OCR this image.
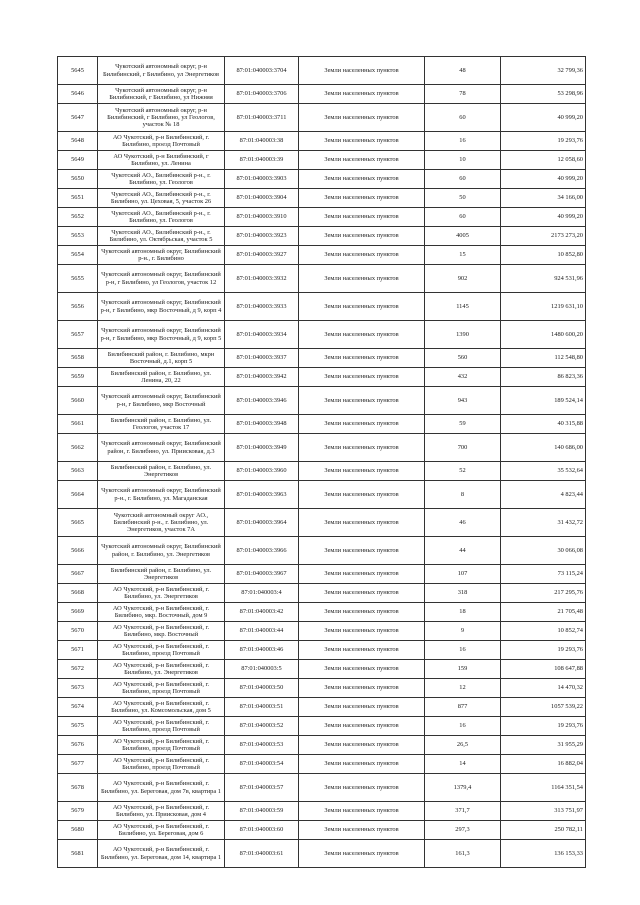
5645	Чукотский автономный округ, р-н Билибинский, г Билибино, ул Энергетиков	87:01:040003:3704	Земли населенных пунктов	48	32 799,36
5646	Чукотский автономный округ, р-н Билибинский, г Билибино, ул Нижняя	87:01:040003:3706	Земли населенных пунктов	78	53 298,96
5647	Чукотский автономный округ, р-н Билибинский, г Билибино, ул Геологов, участок № 18	87:01:040003:3711	Земли населенных пунктов	60	40 999,20
5648	АО Чукотский, р-н Билибинский, г. Билибино, проезд Почтовый	87:01:040003:38	Земли населенных пунктов	16	19 293,76
5649	АО Чукотский, р-н Билибинский, г Билибино, ул. Ленина	87:01:040003:39	Земли населенных пунктов	10	12 058,60
5650	Чукотский АО., Билибинский р-н., г. Билибино, ул. Геологов	87:01:040003:3903	Земли населенных пунктов	60	40 999,20
5651	Чукотский АО., Билибинский р-н., г. Билибино, ул. Цеховая, 5, участок 26	87:01:040003:3904	Земли населенных пунктов	50	34 166,00
5652	Чукотский АО., Билибинский р-н., г. Билибино, ул. Геологов	87:01:040003:3910	Земли населенных пунктов	60	40 999,20
5653	Чукотский АО., Билибинский р-н., г. Билибино, ул. Октябрьская, участок 5	87:01:040003:3923	Земли населенных пунктов	4005	2173 273,20
5654	Чукотский автономный округ, Билибинский р-н., г. Билибино	87:01:040003:3927	Земли населенных пунктов	15	10 852,80
5655	Чукотский автономный округ, Билибинский р-н, г Билибино, ул Геологов, участок 12	87:01:040003:3932	Земли населенных пунктов	902	924 531,96
5656	Чукотский автономный округ, Билибинский р-н, г Билибино, мкр Восточный, д 9, корп 4	87:01:040003:3933	Земли населенных пунктов	1145	1219 631,10
5657	Чукотский автономный округ, Билибинский р-н, г Билибино, мкр Восточный, д 9, корп 5	87:01:040003:3934	Земли населенных пунктов	1390	1480 600,20
5658	Билибинский район, г. Билибино, мкрн Восточный, д.1, корп 5	87:01:040003:3937	Земли населенных пунктов	560	112 548,80
5659	Билибинский район, г. Билибино, ул. Ленина, 20, 22	87:01:040003:3942	Земли населенных пунктов	432	86 823,36
5660	Чукотский автономный округ, Билибинский р-н, г Билибино, мкр Восточный	87:01:040003:3946	Земли населенных пунктов	943	189 524,14
5661	Билибинский район, г. Билибино, ул. Геологов, участок 17	87:01:040003:3948	Земли населенных пунктов	59	40 315,88
5662	Чукотский автономный округ, Билибинский район, г. Билибино, ул. Приисковая, д.3	87:01:040003:3949	Земли населенных пунктов	700	140 686,00
5663	Билибинский район, г. Билибино, ул. Энергетиков	87:01:040003:3960	Земли населенных пунктов	52	35 532,64
5664	Чукотский автономный округ, Билибинский р-н., г. Билибино, ул. Магаданская	87:01:040003:3963	Земли населенных пунктов	8	4 823,44
5665	Чукотский автономный округ АО., Билибинский р-н., г. Билибино, ул. Энергетиков, участок 7А	87:01:040003:3964	Земли населенных пунктов	46	31 432,72
5666	Чукотский автономный округ, Билибинский район, г. Билибино, ул. Энергетиков	87:01:040003:3966	Земли населенных пунктов	44	30 066,08
5667	Билибинский район, г. Билибино, ул. Энергетиков	87:01:040003:3967	Земли населенных пунктов	107	73 115,24
5668	АО Чукотский, р-н Билибинский, г. Билибино, ул. Энергетиков	87:01:040003:4	Земли населенных пунктов	318	217 295,76
5669	АО Чукотский, р-н Билибинский, г. Билибино, мкр. Восточный, дом 9	87:01:040003:42	Земли населенных пунктов	18	21 705,48
5670	АО Чукотский, р-н Билибинский, г. Билибино, мкр. Восточный	87:01:040003:44	Земли населенных пунктов	9	10 852,74
5671	АО Чукотский, р-н Билибинский, г. Билибино, проезд Почтовый	87:01:040003:46	Земли населенных пунктов	16	19 293,76
5672	АО Чукотский, р-н Билибинский, г. Билибино, ул. Энергетиков	87:01:040003:5	Земли населенных пунктов	159	108 647,88
5673	АО Чукотский, р-н Билибинский, г. Билибино, проезд Почтовый	87:01:040003:50	Земли населенных пунктов	12	14 470,32
5674	АО Чукотский, р-н Билибинский, г. Билибино, ул. Комсомольская, дом 5	87:01:040003:51	Земли населенных пунктов	877	1057 539,22
5675	АО Чукотский, р-н Билибинский, г. Билибино, проезд Почтовый	87:01:040003:52	Земли населенных пунктов	16	19 293,76
5676	АО Чукотский, р-н Билибинский, г. Билибино, проезд Почтовый	87:01:040003:53	Земли населенных пунктов	26,5	31 955,29
5677	АО Чукотский, р-н Билибинский, г. Билибино, проезд Почтовый	87:01:040003:54	Земли населенных пунктов	14	16 882,04
5678	АО Чукотский, р-н Билибинский, г. Билибино, ул. Береговая, дом 7в, квартира 1	87:01:040003:57	Земли населенных пунктов	1379,4	1164 351,54
5679	АО Чукотский, р-н Билибинский, г. Билибино, ул. Приисковая, дом 4	87:01:040003:59	Земли населенных пунктов	371,7	313 751,97
5680	АО Чукотский, р-н Билибинский, г. Билибино, ул. Береговая, дом 6	87:01:040003:60	Земли населенных пунктов	297,3	250 782,11
5681	АО Чукотский, р-н Билибинский, г. Билибино, ул. Береговая, дом 14, квартира 1	87:01:040003:61	Земли населенных пунктов	161,3	136 153,33
